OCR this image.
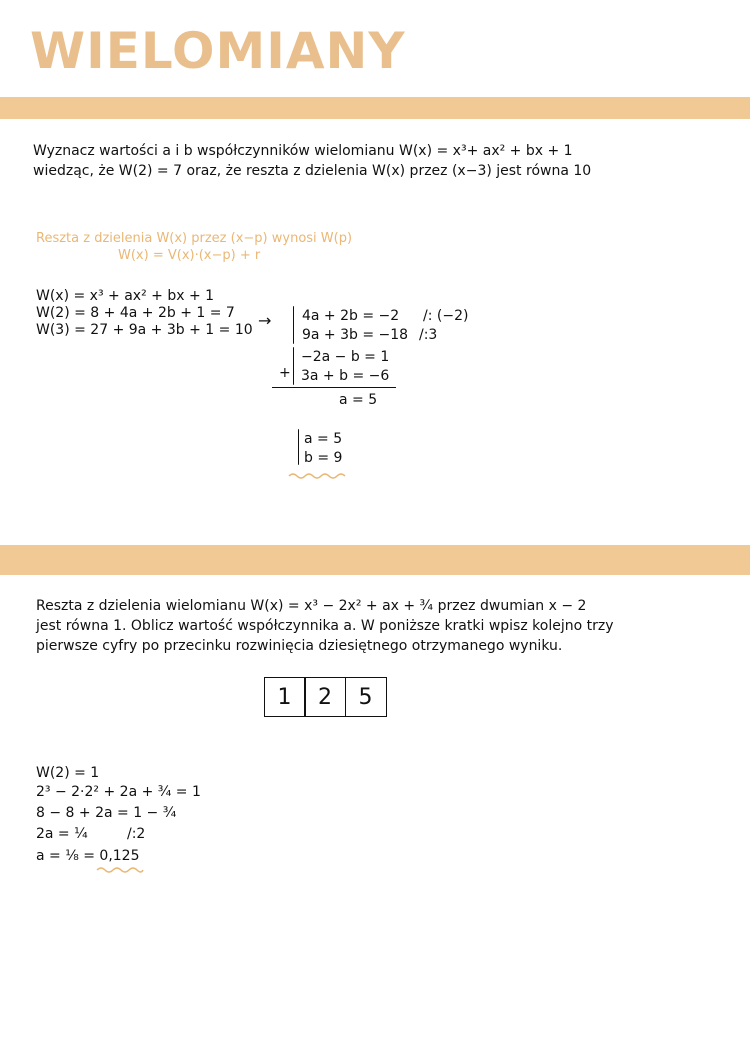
WIELOMIANY
Wyznacz wartości a i b współczynników wielomianu W(x) = x³+ ax² + bx + 1
wiedząc, że W(2) = 7 oraz, że reszta z dzielenia W(x) przez (x−3) jest równa 10
Reszta z dzielenia W(x) przez (x−p) wynosi W(p)
W(x) = V(x)·(x−p) + r
W(x) = x³ + ax² + bx + 1
W(2) = 8 + 4a + 2b + 1 = 7
W(3) = 27 + 9a + 3b + 1 = 10 → 4a + 2b = −2 /: (−2)
9a + 3b = −18 /:3
+
−2a − b = 1
3a + b = −6
a = 5
a = 5
b = 9
Reszta z dzielenia wielomianu W(x) = x³ − 2x² + ax + ¾ przez dwumian x − 2
jest równa 1. Oblicz wartość współczynnika a. W poniższe kratki wpisz kolejno trzy
pierwsze cyfry po przecinku rozwinięcia dziesiętnego otrzymanego wyniku.
1	2	5
W(2) = 1
2³ − 2·2² + 2a + ¾ = 1
8 − 8 + 2a = 1 − ¾
2a = ¼	/:2
a = ⅛ = 0,125
